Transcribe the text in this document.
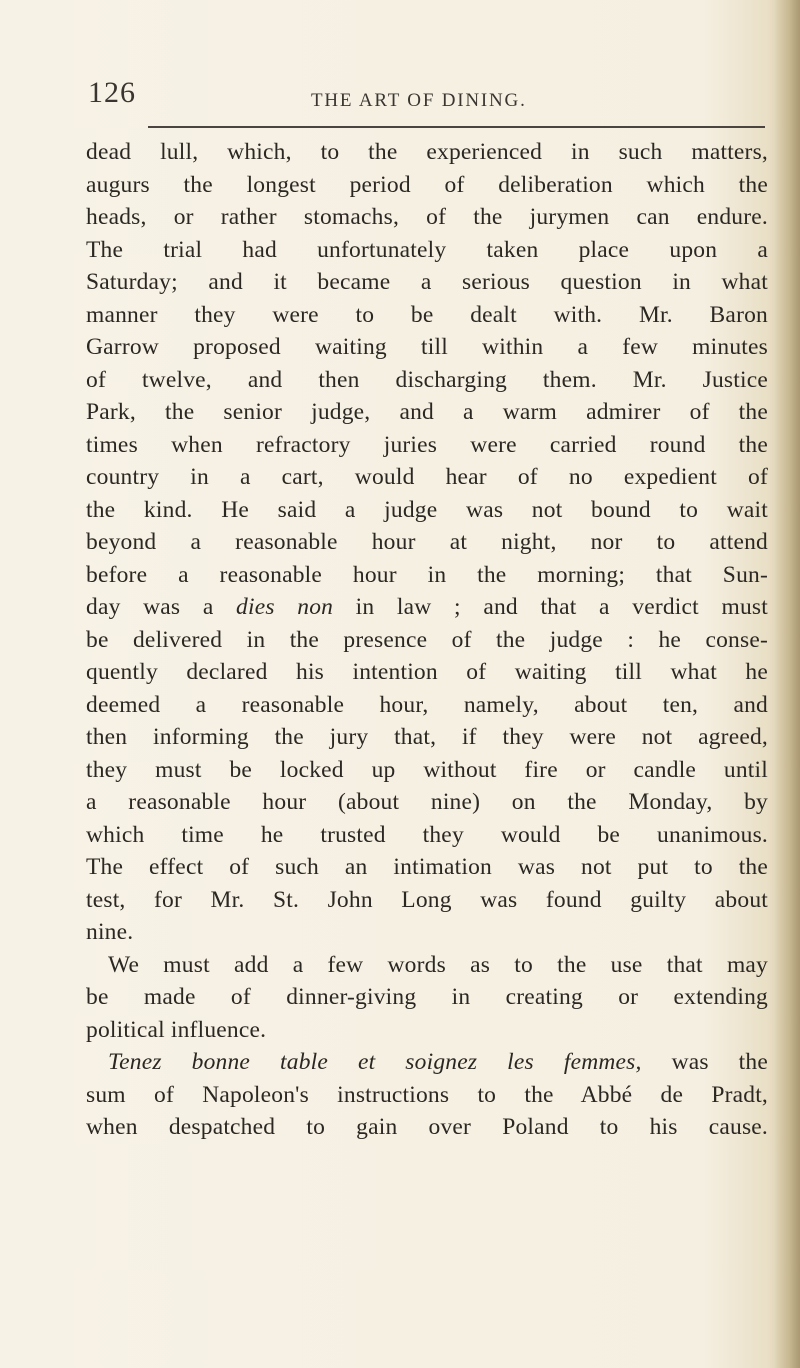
126	THE ART OF DINING.
dead lull, which, to the experienced in such matters,
augurs the longest period of deliberation which the
heads, or rather stomachs, of the jurymen can endure.
The trial had unfortunately taken place upon a
Saturday; and it became a serious question in what
manner they were to be dealt with. Mr. Baron
Garrow proposed waiting till within a few minutes
of twelve, and then discharging them. Mr. Justice
Park, the senior judge, and a warm admirer of the
times when refractory juries were carried round the
country in a cart, would hear of no expedient of
the kind. He said a judge was not bound to wait
beyond a reasonable hour at night, nor to attend
before a reasonable hour in the morning; that Sun-
day was a dies non in law ; and that a verdict must
be delivered in the presence of the judge : he conse-
quently declared his intention of waiting till what he
deemed a reasonable hour, namely, about ten, and
then informing the jury that, if they were not agreed,
they must be locked up without fire or candle until
a reasonable hour (about nine) on the Monday, by
which time he trusted they would be unanimous.
The effect of such an intimation was not put to the
test, for Mr. St. John Long was found guilty about
nine.
We must add a few words as to the use that may
be made of dinner-giving in creating or extending
political influence.
Tenez bonne table et soignez les femmes, was the
sum of Napoleon's instructions to the Abbé de Pradt,
when despatched to gain over Poland to his cause.
